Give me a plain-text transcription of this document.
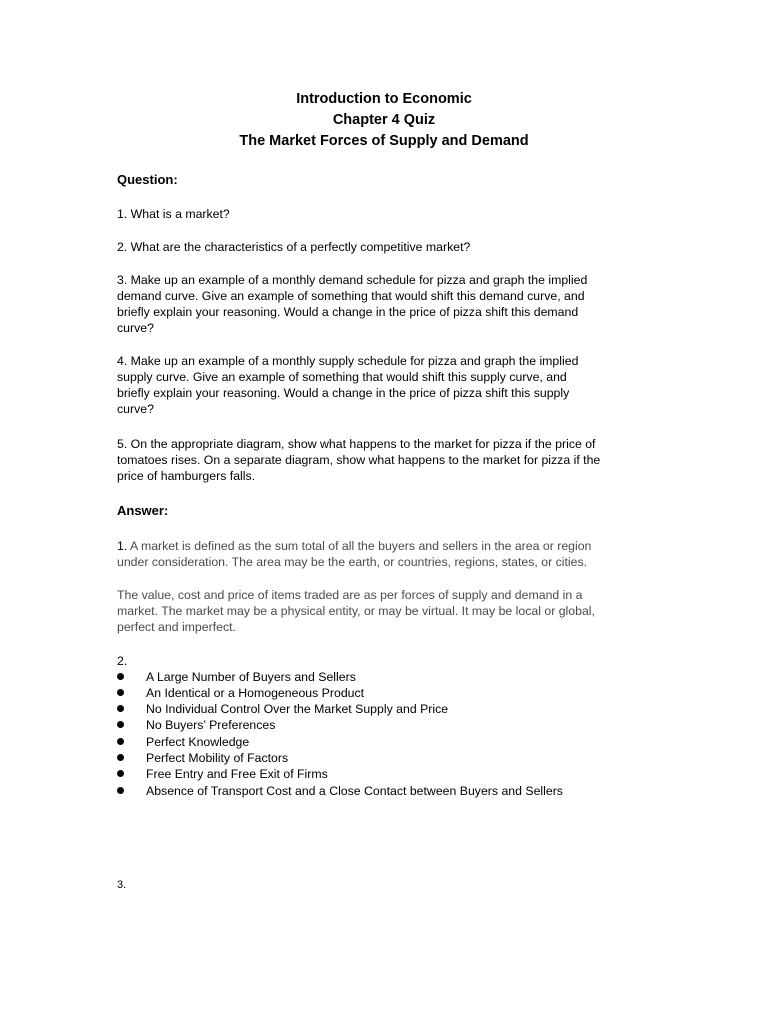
Introduction to Economic
Chapter 4 Quiz
The Market Forces of Supply and Demand
Question:
1. What is a market?
2. What are the characteristics of a perfectly competitive market?
3. Make up an example of a monthly demand schedule for pizza and graph the implied
demand curve. Give an example of something that would shift this demand curve, and
briefly explain your reasoning. Would a change in the price of pizza shift this demand
curve?
4. Make up an example of a monthly supply schedule for pizza and graph the implied
supply curve. Give an example of something that would shift this supply curve, and
briefly explain your reasoning. Would a change in the price of pizza shift this supply
curve?
5. On the appropriate diagram, show what happens to the market for pizza if the price of
tomatoes rises. On a separate diagram, show what happens to the market for pizza if the
price of hamburgers falls.
Answer:
1. A market is defined as the sum total of all the buyers and sellers in the area or region
under consideration. The area may be the earth, or countries, regions, states, or cities.
The value, cost and price of items traded are as per forces of supply and demand in a
market. The market may be a physical entity, or may be virtual. It may be local or global,
perfect and imperfect.
2.
A Large Number of Buyers and Sellers
An Identical or a Homogeneous Product
No Individual Control Over the Market Supply and Price
No Buyers’ Preferences
Perfect Knowledge
Perfect Mobility of Factors
Free Entry and Free Exit of Firms
Absence of Transport Cost and a Close Contact between Buyers and Sellers
3.
